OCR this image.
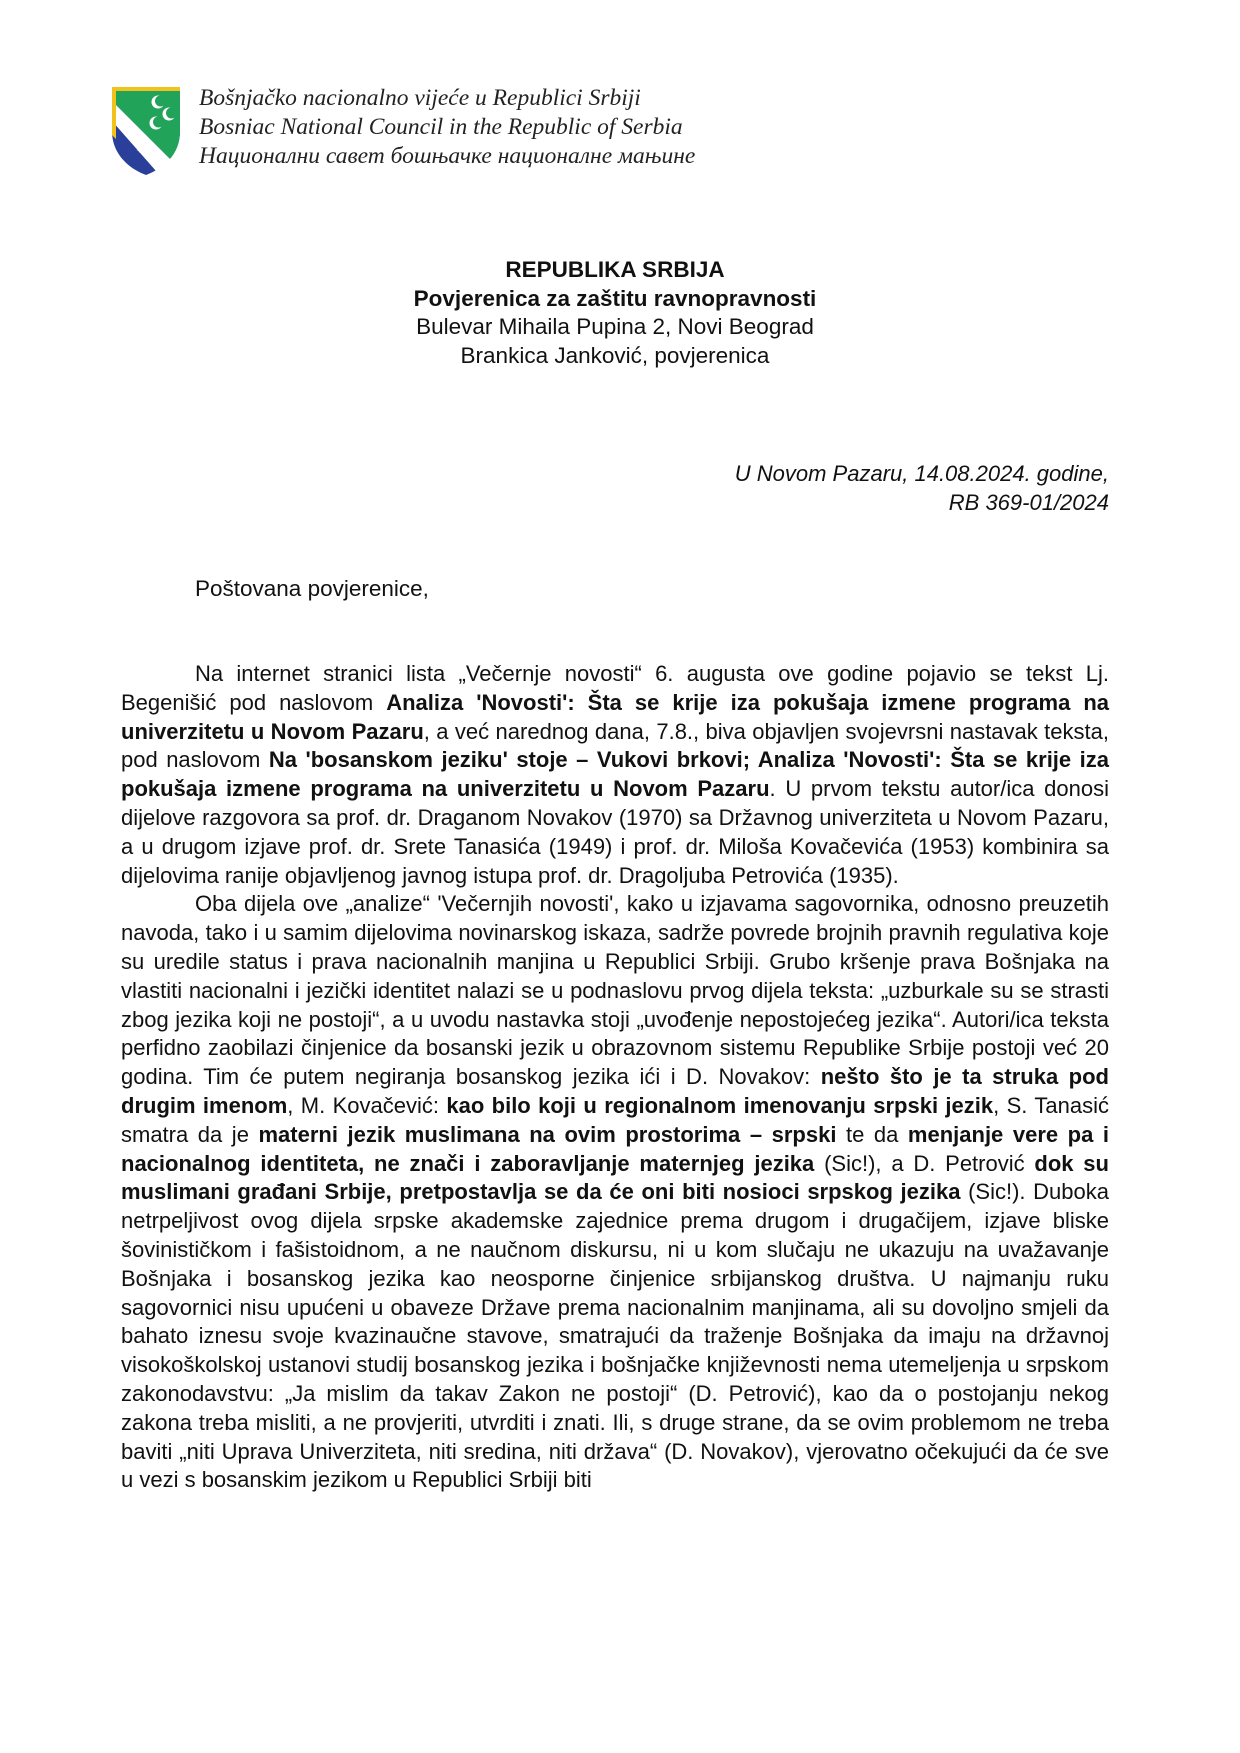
✦
✦
✦
Bošnjačko nacionalno vijeće u Republici Srbiji
Bosniac National Council in the Republic of Serbia
Национални савет бошњачке националне мањине
REPUBLIKA SRBIJA
Povjerenica za zaštitu ravnopravnosti
Bulevar Mihaila Pupina 2, Novi Beograd
Brankica Janković, povjerenica
U Novom Pazaru, 14.08.2024. godine,
RB 369-01/2024
Poštovana povjerenice,

Na internet stranici lista „Večernje novosti“ 6. augusta ove godine pojavio se tekst Lj. Begenišić pod naslovom Analiza 'Novosti': Šta se krije iza pokušaja izmene programa na univerzitetu u Novom Pazaru, a već narednog dana, 7.8., biva objavljen svojevrsni nastavak teksta, pod naslovom Na 'bosanskom jeziku' stoje – Vukovi brkovi; Analiza 'Novosti': Šta se krije iza pokušaja izmene programa na univerzitetu u Novom Pazaru. U prvom tekstu autor/ica donosi dijelove razgovora sa prof. dr. Draganom Novakov (1970) sa Državnog univerziteta u Novom Pazaru, a u drugom izjave prof. dr. Srete Tanasića (1949) i prof. dr. Miloša Kovačevića (1953) kombinira sa dijelovima ranije objavljenog javnog istupa prof. dr. Dragoljuba Petrovića (1935).

Oba dijela ove „analize“ 'Večernjih novosti', kako u izjavama sagovornika, odnosno preuzetih navoda, tako i u samim dijelovima novinarskog iskaza, sadrže povrede brojnih pravnih regulativa koje su uredile status i prava nacionalnih manjina u Republici Srbiji. Grubo kršenje prava Bošnjaka na vlastiti nacionalni i jezički identitet nalazi se u podnaslovu prvog dijela teksta: „uzburkale su se strasti zbog jezika koji ne postoji“, a u uvodu nastavka stoji „uvođenje nepostojećeg jezika“. Autori/ica teksta perfidno zaobilazi činjenice da bosanski jezik u obrazovnom sistemu Republike Srbije postoji već 20 godina. Tim će putem negiranja bosanskog jezika ići i D. Novakov: nešto što je ta struka pod drugim imenom, M. Kovačević: kao bilo koji u regionalnom imenovanju srpski jezik, S. Tanasić smatra da je materni jezik muslimana na ovim prostorima – srpski te da menjanje vere pa i nacionalnog identiteta, ne znači i zaboravljanje maternjeg jezika (Sic!), a D. Petrović dok su muslimani građani Srbije, pretpostavlja se da će oni biti nosioci srpskog jezika (Sic!). Duboka netrpeljivost ovog dijela srpske akademske zajednice prema drugom i drugačijem, izjave bliske šovinističkom i fašistoidnom, a ne naučnom diskursu, ni u kom slučaju ne ukazuju na uvažavanje Bošnjaka i bosanskog jezika kao neosporne činjenice srbijanskog društva. U najmanju ruku sagovornici nisu upućeni u obaveze Države prema nacionalnim manjinama, ali su dovoljno smjeli da bahato iznesu svoje kvazinaučne stavove, smatrajući da traženje Bošnjaka da imaju na državnoj visokoškolskoj ustanovi studij bosanskog jezika i bošnjačke književnosti nema utemeljenja u srpskom zakonodavstvu: „Ja mislim da takav Zakon ne postoji“ (D. Petrović), kao da o postojanju nekog zakona treba misliti, a ne provjeriti, utvrditi i znati. Ili, s druge strane, da se ovim problemom ne treba baviti „niti Uprava Univerziteta, niti sredina, niti država“ (D. Novakov), vjerovatno očekujući da će sve u vezi s bosanskim jezikom u Republici Srbiji biti
